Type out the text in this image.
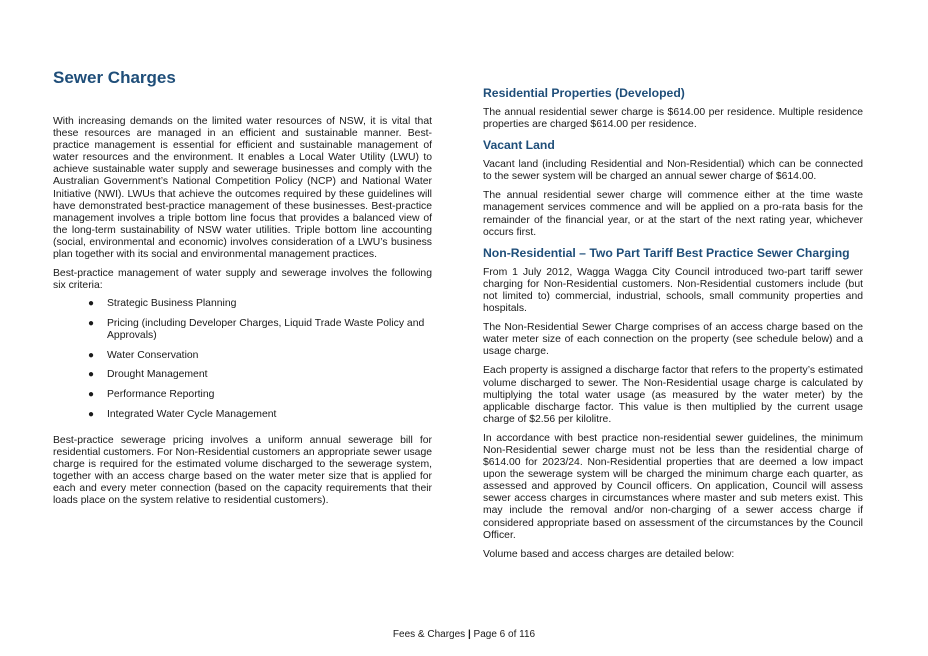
Sewer Charges

With increasing demands on the limited water resources of NSW, it is vital that these resources are managed in an efficient and sustainable manner. Best-practice management is essential for efficient and sustainable management of water resources and the environment. It enables a Local Water Utility (LWU) to achieve sustainable water supply and sewerage businesses and comply with the Australian Government’s National Competition Policy (NCP) and National Water Initiative (NWI). LWUs that achieve the outcomes required by these guidelines will have demonstrated best-practice management of these businesses. Best-practice management involves a triple bottom line focus that provides a balanced view of the long-term sustainability of NSW water utilities. Triple bottom line accounting (social, environmental and economic) involves consideration of a LWU’s business plan together with its social and environmental management practices.

Best-practice management of water supply and sewerage involves the following six criteria:

● Strategic Business Planning
● Pricing (including Developer Charges, Liquid Trade Waste Policy and Approvals)
● Water Conservation
● Drought Management
● Performance Reporting
● Integrated Water Cycle Management

Best-practice sewerage pricing involves a uniform annual sewerage bill for residential customers. For Non-Residential customers an appropriate sewer usage charge is required for the estimated volume discharged to the sewerage system, together with an access charge based on the water meter size that is applied for each and every meter connection (based on the capacity requirements that their loads place on the system relative to residential customers).

Residential Properties (Developed)

The annual residential sewer charge is $614.00 per residence. Multiple residence properties are charged $614.00 per residence.

Vacant Land

Vacant land (including Residential and Non-Residential) which can be connected to the sewer system will be charged an annual sewer charge of $614.00.

The annual residential sewer charge will commence either at the time waste management services commence and will be applied on a pro-rata basis for the remainder of the financial year, or at the start of the next rating year, whichever occurs first.

Non-Residential – Two Part Tariff Best Practice Sewer Charging

From 1 July 2012, Wagga Wagga City Council introduced two-part tariff sewer charging for Non-Residential customers. Non-Residential customers include (but not limited to) commercial, industrial, schools, small community properties and hospitals.

The Non-Residential Sewer Charge comprises of an access charge based on the water meter size of each connection on the property (see schedule below) and a usage charge.

Each property is assigned a discharge factor that refers to the property’s estimated volume discharged to sewer. The Non-Residential usage charge is calculated by multiplying the total water usage (as measured by the water meter) by the applicable discharge factor. This value is then multiplied by the current usage charge of $2.56 per kilolitre.

In accordance with best practice non-residential sewer guidelines, the minimum Non-Residential sewer charge must not be less than the residential charge of $614.00 for 2023/24. Non-Residential properties that are deemed a low impact upon the sewerage system will be charged the minimum charge each quarter, as assessed and approved by Council officers. On application, Council will assess sewer access charges in circumstances where master and sub meters exist. This may include the removal and/or non-charging of a sewer access charge if considered appropriate based on assessment of the circumstances by the Council Officer.

Volume based and access charges are detailed below:

Fees & Charges | Page 6 of 116
